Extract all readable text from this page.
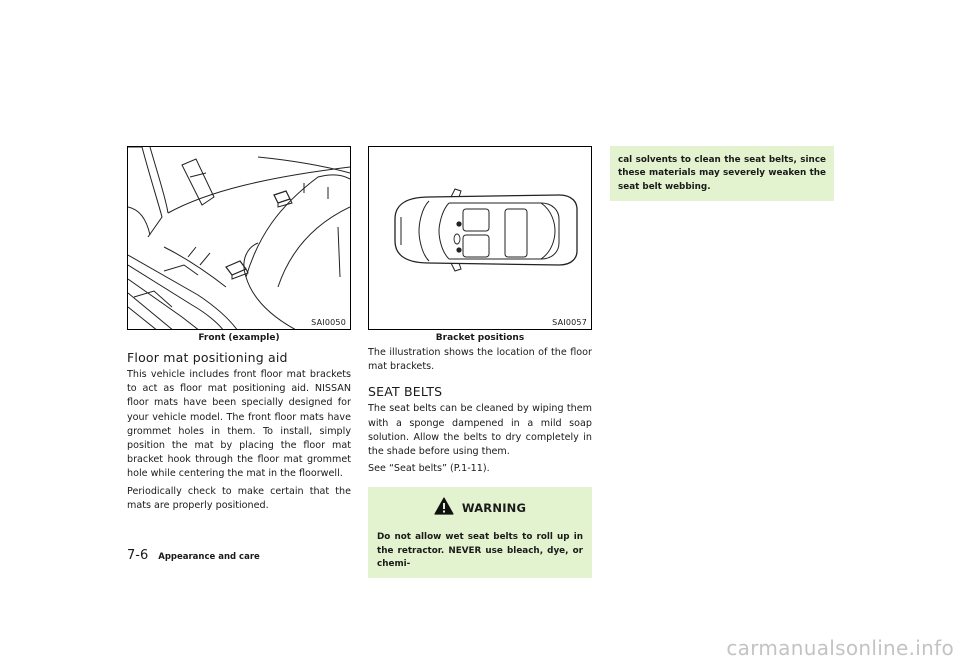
SAI0050
Front (example)
Floor mat positioning aid

This vehicle includes front floor mat brackets to act as floor mat positioning aid. NISSAN floor mats have been specially designed for your vehicle model. The front floor mats have grommet holes in them. To install, simply position the mat by placing the floor mat bracket hook through the floor mat grommet hole while centering the mat in the floorwell.

Periodically check to make certain that the mats are properly positioned.

SAI0057
Bracket positions

The illustration shows the location of the floor mat brackets.

SEAT BELTS

The seat belts can be cleaned by wiping them with a sponge dampened in a mild soap solution. Allow the belts to dry completely in the shade before using them.

See “Seat belts” (P.1-11).

WARNING

Do not allow wet seat belts to roll up in the retractor. NEVER use bleach, dye, or chemi-

cal solvents to clean the seat belts, since these materials may severely weaken the seat belt webbing.

7-6 Appearance and care
carmanualsonline.info
